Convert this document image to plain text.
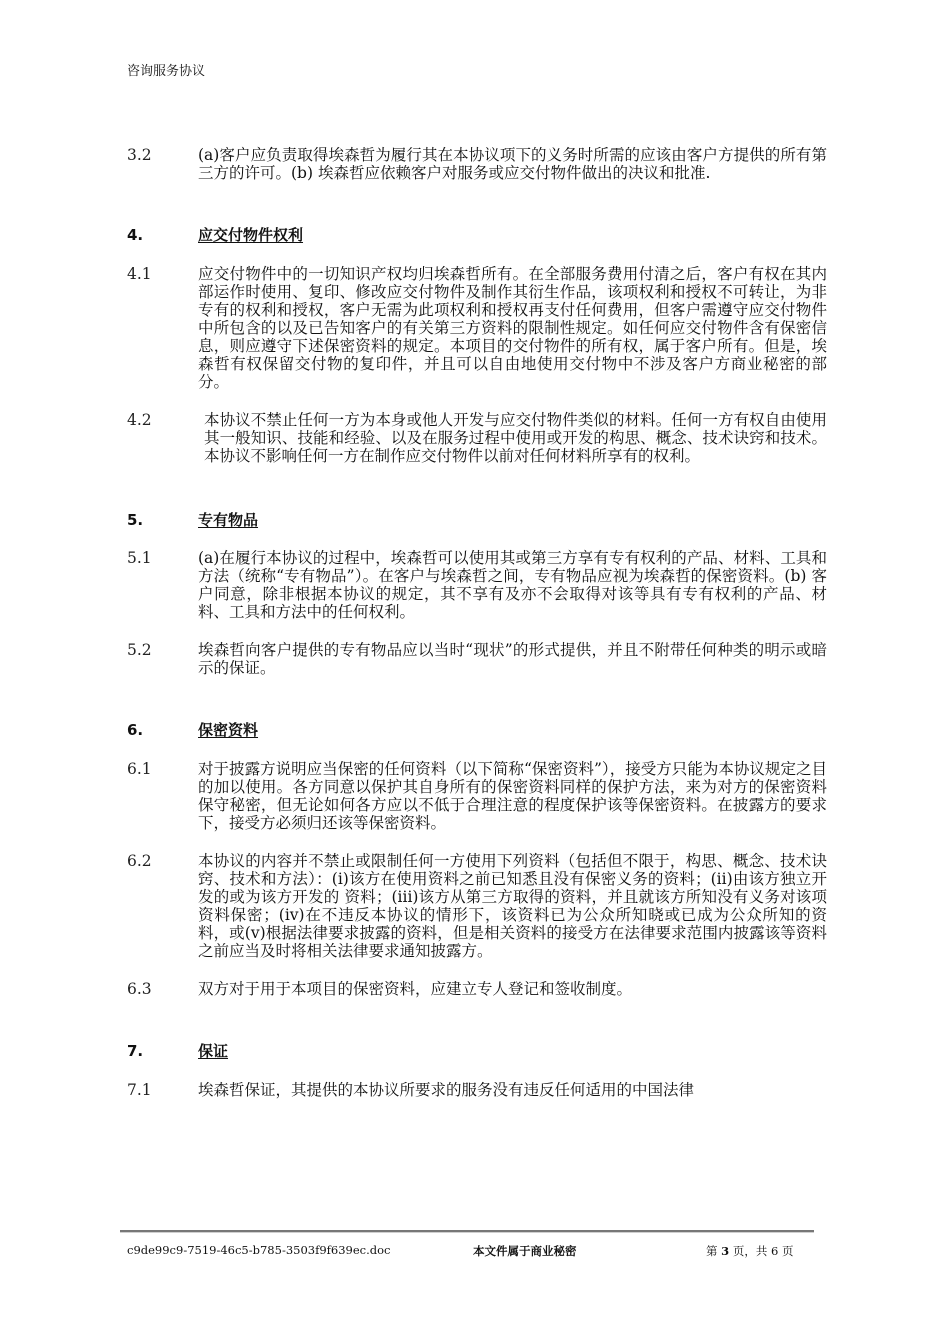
咨询服务协议
3.2	(a)客户应负责取得埃森哲为履行其在本协议项下的义务时所需的应该由客户方提供的所有第三方的许可。(b) 埃森哲应依赖客户对服务或应交付物件做出的决议和批准.
4.	应交付物件权利
4.1	应交付物件中的一切知识产权均归埃森哲所有。在全部服务费用付清之后，客户有权在其内部运作时使用、复印、修改应交付物件及制作其衍生作品，该项权利和授权不可转让，为非专有的权利和授权，客户无需为此项权利和授权再支付任何费用，但客户需遵守应交付物件中所包含的以及已告知客户的有关第三方资料的限制性规定。如任何应交付物件含有保密信息，则应遵守下述保密资料的规定。本项目的交付物件的所有权，属于客户所有。但是，埃森哲有权保留交付物的复印件，并且可以自由地使用交付物中不涉及客户方商业秘密的部分。
4.2	本协议不禁止任何一方为本身或他人开发与应交付物件类似的材料。任何一方有权自由使用其一般知识、技能和经验、以及在服务过程中使用或开发的构思、概念、技术诀窍和技术。本协议不影响任何一方在制作应交付物件以前对任何材料所享有的权利。
5.	专有物品
5.1	(a)在履行本协议的过程中，埃森哲可以使用其或第三方享有专有权利的产品、材料、工具和方法（统称“专有物品”）。在客户与埃森哲之间，专有物品应视为埃森哲的保密资料。(b) 客户同意，除非根据本协议的规定，其不享有及亦不会取得对该等具有专有权利的产品、材料、工具和方法中的任何权利。
5.2	埃森哲向客户提供的专有物品应以当时“现状”的形式提供，并且不附带任何种类的明示或暗示的保证。
6.	保密资料
6.1	对于披露方说明应当保密的任何资料（以下简称“保密资料”），接受方只能为本协议规定之目的加以使用。各方同意以保护其自身所有的保密资料同样的保护方法，来为对方的保密资料保守秘密，但无论如何各方应以不低于合理注意的程度保护该等保密资料。在披露方的要求下，接受方必须归还该等保密资料。
6.2	本协议的内容并不禁止或限制任何一方使用下列资料（包括但不限于，构思、概念、技术诀窍、技术和方法）：(i)该方在使用资料之前已知悉且没有保密义务的资料；(ii)由该方独立开发的或为该方开发的 资料；(iii)该方从第三方取得的资料，并且就该方所知没有义务对该项资料保密；(iv)在不违反本协议的情形下，该资料已为公众所知晓或已成为公众所知的资料，或(v)根据法律要求披露的资料，但是相关资料的接受方在法律要求范围内披露该等资料之前应当及时将相关法律要求通知披露方。
6.3	双方对于用于本项目的保密资料，应建立专人登记和签收制度。
7.	保证
7.1	埃森哲保证，其提供的本协议所要求的服务没有违反任何适用的中国法律
c9de99c9-7519-46c5-b785-3503f9f639ec.doc	本文件属于商业秘密	第 3 页，共 6 页
